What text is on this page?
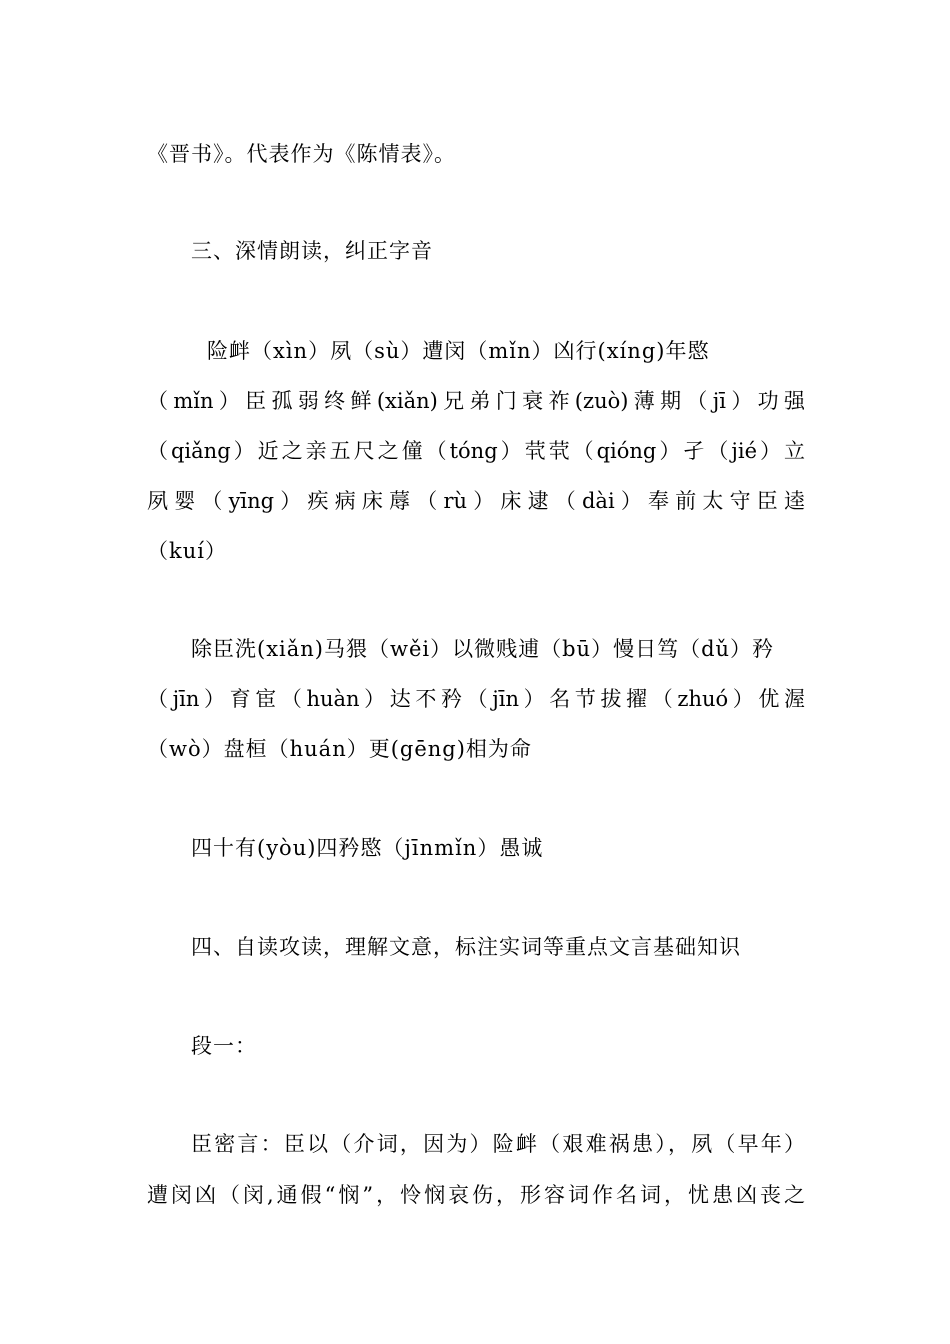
《晋书》。代表作为《陈情表》。
三、深情朗读，纠正字音
险衅（xìn）夙（sù）遭闵（mǐn）凶行(xíng)年愍
（mǐn）臣孤弱终鲜(xiǎn)兄弟门衰祚(zuò)薄期（jī）功强
（qiǎng）近之亲五尺之僮（tóng）茕茕（qióng）孑（jié）立
夙婴（yīng）疾病床蓐（rù）床逮（dài）奉前太守臣逵
（kuí）
除臣洗(xiǎn)马猥（wěi）以微贱逋（bū）慢日笃（dǔ）矜
（jīn）育宦（huàn）达不矜（jīn）名节拔擢（zhuó）优渥
（wò）盘桓（huán）更(gēng)相为命
四十有(yòu)四矜愍（jīnmǐn）愚诚
四、自读攻读，理解文意，标注实词等重点文言基础知识
段一：
臣密言：臣以（介词，因为）险衅（艰难祸患），夙（早年）
遭闵凶（闵,通假“悯”，怜悯哀伤，形容词作名词，忧患凶丧之
